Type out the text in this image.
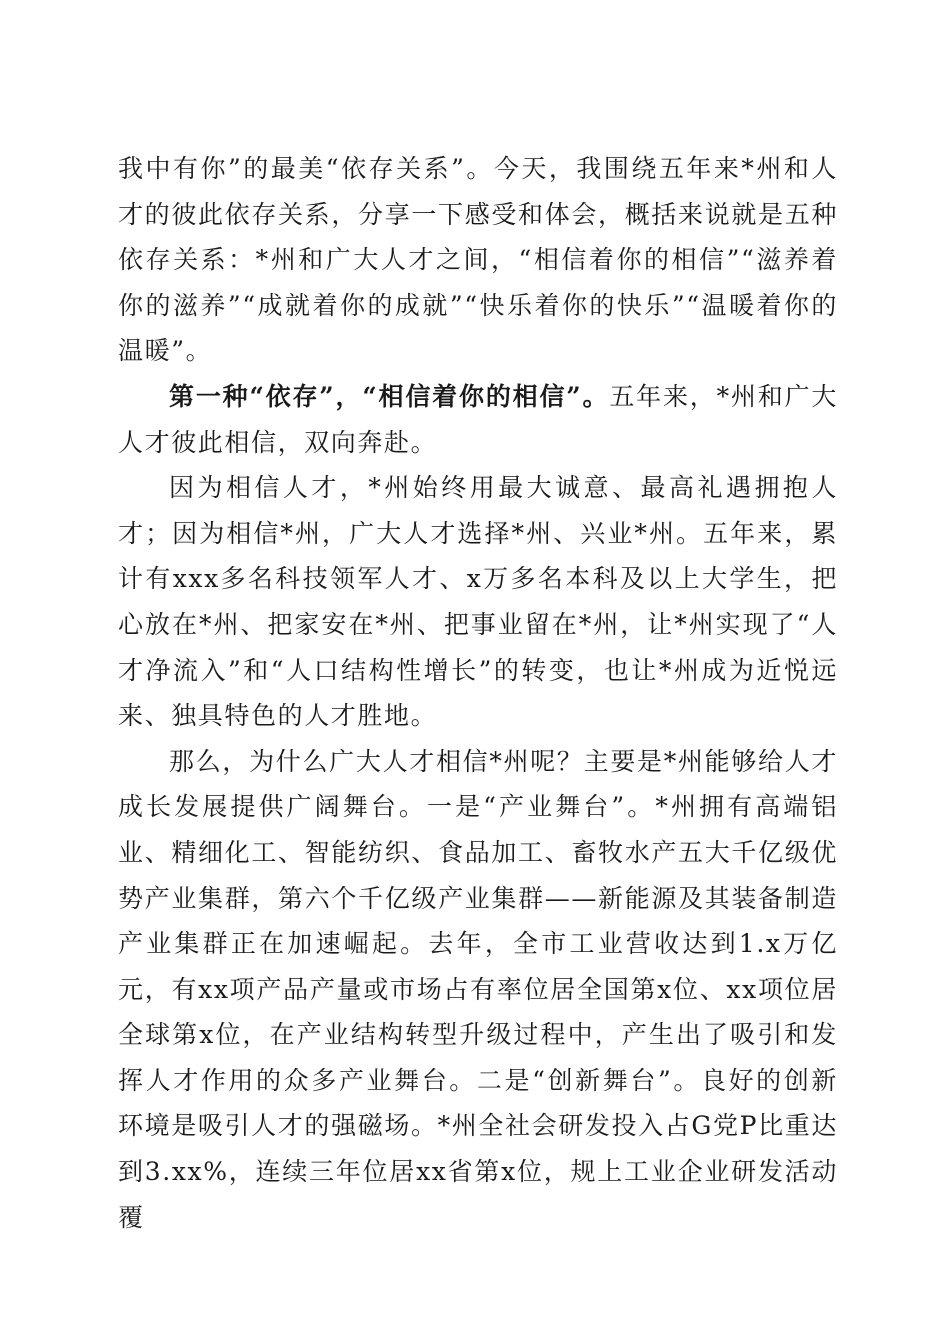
我中有你”的最美“依存关系”。今天，我围绕五年来*州和人才的彼此依存关系，分享一下感受和体会，概括来说就是五种依存关系：*州和广大人才之间，“相信着你的相信”“滋养着你的滋养”“成就着你的成就”“快乐着你的快乐”“温暖着你的温暖”。

第一种“依存”，“相信着你的相信”。五年来，*州和广大人才彼此相信，双向奔赴。

因为相信人才，*州始终用最大诚意、最高礼遇拥抱人才；因为相信*州，广大人才选择*州、兴业*州。五年来，累计有xxx多名科技领军人才、x万多名本科及以上大学生，把心放在*州、把家安在*州、把事业留在*州，让*州实现了“人才净流入”和“人口结构性增长”的转变，也让*州成为近悦远来、独具特色的人才胜地。

那么，为什么广大人才相信*州呢？主要是*州能够给人才成长发展提供广阔舞台。一是“产业舞台”。*州拥有高端铝业、精细化工、智能纺织、食品加工、畜牧水产五大千亿级优势产业集群，第六个千亿级产业集群——新能源及其装备制造产业集群正在加速崛起。去年，全市工业营收达到1.x万亿元，有xx项产品产量或市场占有率位居全国第x位、xx项位居全球第x位，在产业结构转型升级过程中，产生出了吸引和发挥人才作用的众多产业舞台。二是“创新舞台”。良好的创新环境是吸引人才的强磁场。*州全社会研发投入占G党P比重达到3.xx%，连续三年位居xx省第x位，规上工业企业研发活动覆
